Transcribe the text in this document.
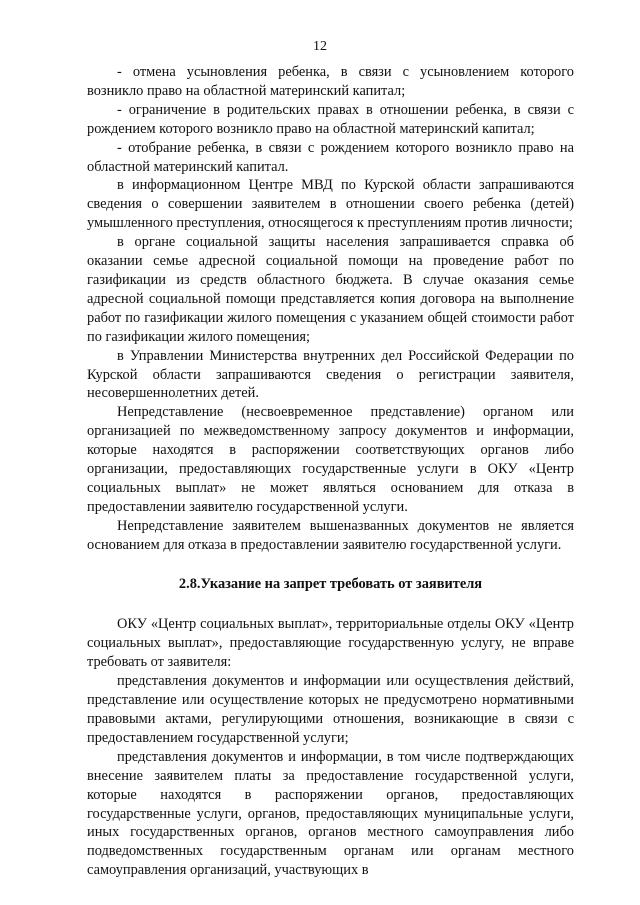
12

- отмена усыновления ребенка, в связи с усыновлением которого возникло право на областной материнский капитал;

- ограничение в родительских правах в отношении ребенка, в связи с рождением которого возникло право на областной материнский капитал;

- отобрание ребенка, в связи с рождением которого возникло право на областной материнский капитал.

в информационном Центре МВД по Курской области запрашиваются сведения о совершении заявителем в отношении своего ребенка (детей) умышленного преступления, относящегося к преступлениям против личности;

в органе социальной защиты населения запрашивается справка об оказании семье адресной социальной помощи на проведение работ по газификации из средств областного бюджета. В случае оказания семье адресной социальной помощи представляется копия договора на выполнение работ по газификации жилого помещения с указанием общей стоимости работ по газификации жилого помещения;

в Управлении Министерства внутренних дел Российской Федерации по Курской области запрашиваются сведения о регистрации заявителя, несовершеннолетних детей.

Непредставление (несвоевременное представление) органом или организацией по межведомственному запросу документов и информации, которые находятся в распоряжении соответствующих органов либо организации, предоставляющих государственные услуги в ОКУ «Центр социальных выплат» не может являться основанием для отказа в предоставлении заявителю государственной услуги.

Непредставление заявителем вышеназванных документов не является основанием для отказа в предоставлении заявителю государственной услуги.

2.8.Указание на запрет требовать от заявителя

ОКУ «Центр социальных выплат», территориальные отделы ОКУ «Центр социальных выплат», предоставляющие государственную услугу, не вправе требовать от заявителя:

представления документов и информации или осуществления действий, представление или осуществление которых не предусмотрено нормативными правовыми актами, регулирующими отношения, возникающие в связи с предоставлением государственной услуги;

представления документов и информации, в том числе подтверждающих внесение заявителем платы за предоставление государственной услуги, которые находятся в распоряжении органов, предоставляющих государственные услуги, органов, предоставляющих муниципальные услуги, иных государственных органов, органов местного самоуправления либо подведомственных государственным органам или органам местного самоуправления организаций, участвующих в
